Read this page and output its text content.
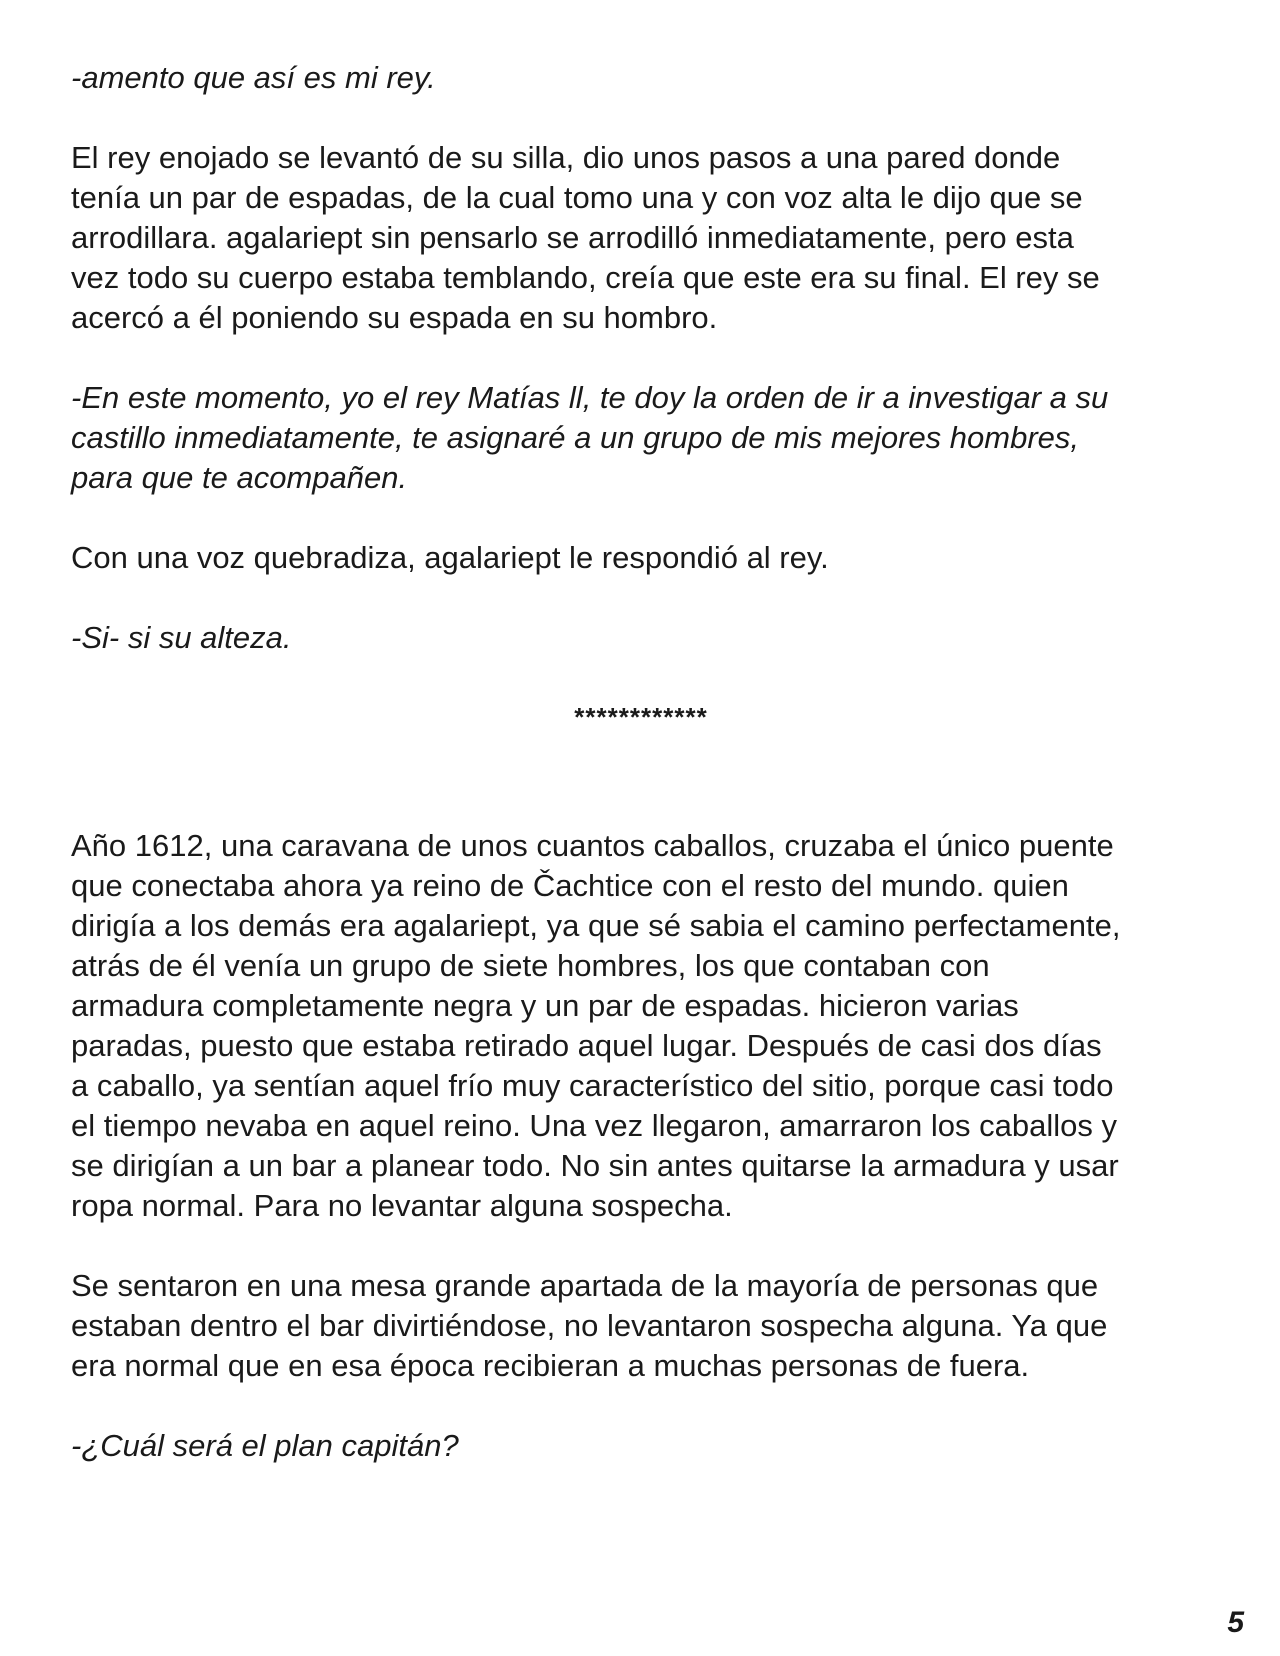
-amento que así es mi rey.

El rey enojado se levantó de su silla, dio unos pasos a una pared donde

tenía un par de espadas, de la cual tomo una y con voz alta le dijo que se

arrodillara. agalariept sin pensarlo se arrodilló inmediatamente, pero esta

vez todo su cuerpo estaba temblando, creía que este era su final. El rey se

acercó a él poniendo su espada en su hombro.

-En este momento, yo el rey Matías ll, te doy la orden de ir a investigar a su

castillo inmediatamente, te asignaré a un grupo de mis mejores hombres,

para que te acompañen.

Con una voz quebradiza, agalariept le respondió al rey.

-Si- si su alteza.

************

Año 1612, una caravana de unos cuantos caballos, cruzaba el único puente

que conectaba ahora ya reino de Čachtice con el resto del mundo. quien

dirigía a los demás era agalariept, ya que sé sabia el camino perfectamente,

atrás de él venía un grupo de siete hombres, los que contaban con

armadura completamente negra y un par de espadas. hicieron varias

paradas, puesto que estaba retirado aquel lugar. Después de casi dos días

a caballo, ya sentían aquel frío muy característico del sitio, porque casi todo

el tiempo nevaba en aquel reino. Una vez llegaron, amarraron los caballos y

se dirigían a un bar a planear todo. No sin antes quitarse la armadura y usar

ropa normal. Para no levantar alguna sospecha.

Se sentaron en una mesa grande apartada de la mayoría de personas que

estaban dentro el bar divirtiéndose, no levantaron sospecha alguna. Ya que

era normal que en esa época recibieran a muchas personas de fuera.

-¿Cuál será el plan capitán?

5
